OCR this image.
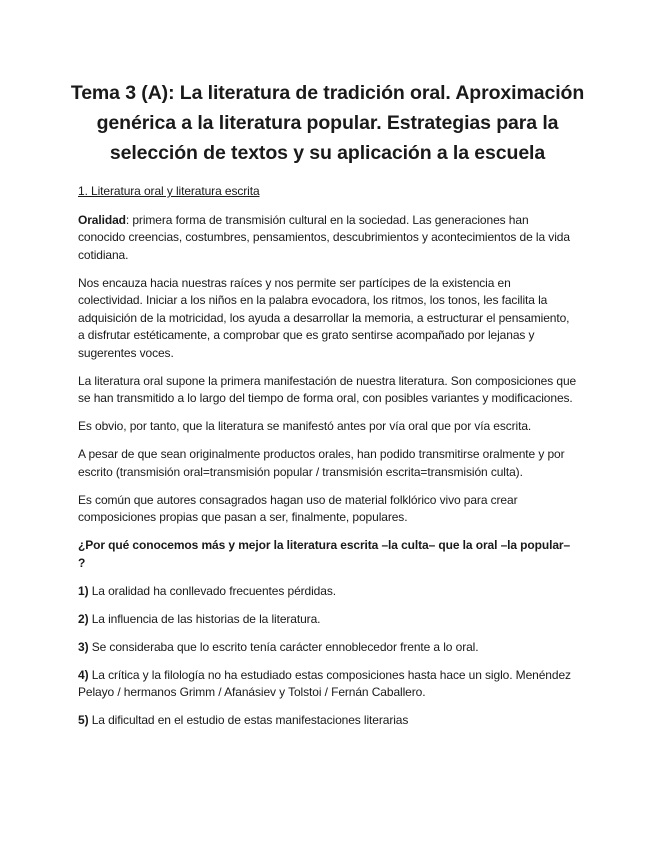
Tema 3 (A): La literatura de tradición oral. Aproximación genérica a la literatura popular. Estrategias para la selección de textos y su aplicación a la escuela

1. Literatura oral y literatura escrita

Oralidad: primera forma de transmisión cultural en la sociedad. Las generaciones han conocido creencias, costumbres, pensamientos, descubrimientos y acontecimientos de la vida cotidiana.

Nos encauza hacia nuestras raíces y nos permite ser partícipes de la existencia en colectividad. Iniciar a los niños en la palabra evocadora, los ritmos, los tonos, les facilita la adquisición de la motricidad, los ayuda a desarrollar la memoria, a estructurar el pensamiento, a disfrutar estéticamente, a comprobar que es grato sentirse acompañado por lejanas y sugerentes voces.

La literatura oral supone la primera manifestación de nuestra literatura. Son composiciones que se han transmitido a lo largo del tiempo de forma oral, con posibles variantes y modificaciones.

Es obvio, por tanto, que la literatura se manifestó antes por vía oral que por vía escrita.

A pesar de que sean originalmente productos orales, han podido transmitirse oralmente y por escrito (transmisión oral=transmisión popular / transmisión escrita=transmisión culta).

Es común que autores consagrados hagan uso de material folklórico vivo para crear composiciones propias que pasan a ser, finalmente, populares.

¿Por qué conocemos más y mejor la literatura escrita –la culta– que la oral –la popular– ?

1) La oralidad ha conllevado frecuentes pérdidas.

2) La influencia de las historias de la literatura.

3) Se consideraba que lo escrito tenía carácter ennoblecedor frente a lo oral.

4) La crítica y la filología no ha estudiado estas composiciones hasta hace un siglo. Menéndez Pelayo / hermanos Grimm / Afanásiev y Tolstoi / Fernán Caballero.

5) La dificultad en el estudio de estas manifestaciones literarias
